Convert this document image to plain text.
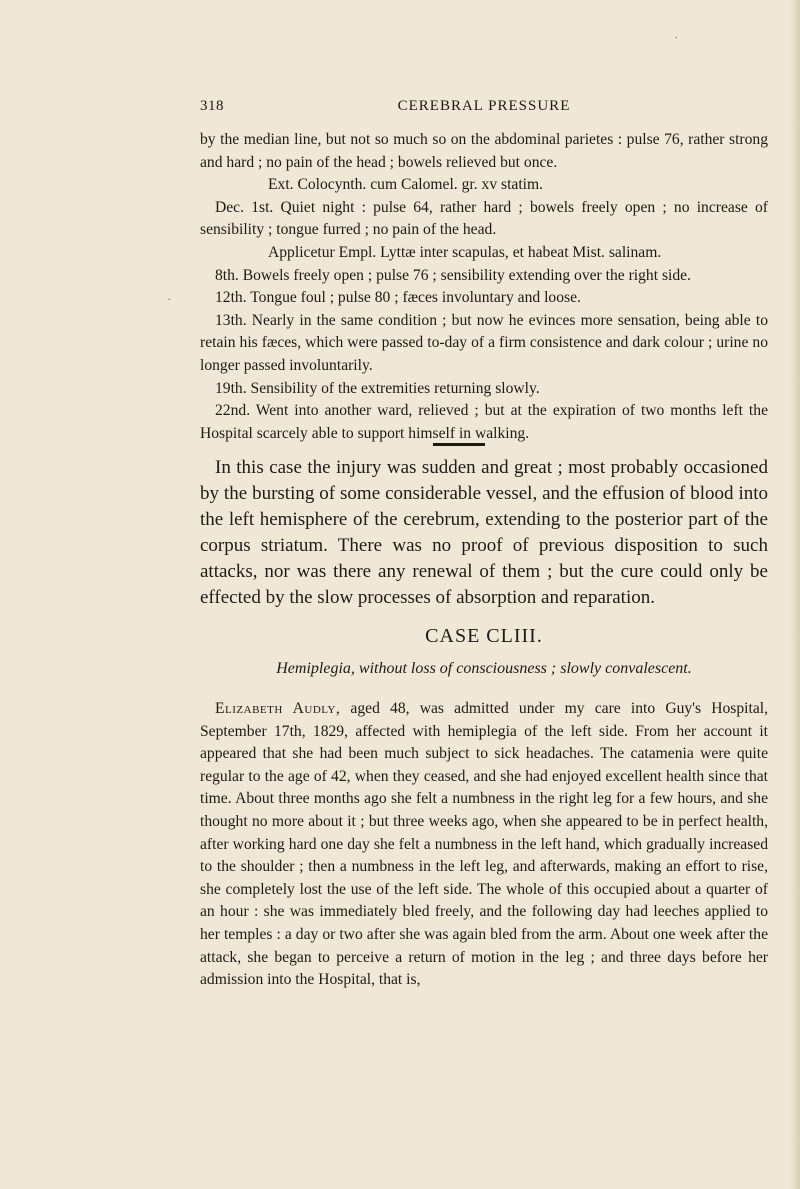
318	CEREBRAL PRESSURE

by the median line, but not so much so on the abdominal parietes : pulse 76, rather strong and hard ; no pain of the head ; bowels relieved but once.

Ext. Colocynth. cum Calomel. gr. xv statim.

Dec. 1st. Quiet night : pulse 64, rather hard ; bowels freely open ; no increase of sensibility ; tongue furred ; no pain of the head.

Applicetur Empl. Lyttæ inter scapulas, et habeat Mist. salinam.

8th. Bowels freely open ; pulse 76 ; sensibility extending over the right side.

12th. Tongue foul ; pulse 80 ; fæces involuntary and loose.

13th. Nearly in the same condition ; but now he evinces more sensation, being able to retain his fæces, which were passed to-day of a firm consistence and dark colour ; urine no longer passed involuntarily.

19th. Sensibility of the extremities returning slowly.

22nd. Went into another ward, relieved ; but at the expiration of two months left the Hospital scarcely able to support himself in walking.

In this case the injury was sudden and great ; most probably occasioned by the bursting of some considerable vessel, and the effusion of blood into the left hemisphere of the cerebrum, extending to the posterior part of the corpus striatum. There was no proof of previous disposition to such attacks, nor was there any renewal of them ; but the cure could only be effected by the slow processes of absorption and reparation.

CASE CLIII.
Hemiplegia, without loss of consciousness ; slowly convalescent.

Elizabeth Audly, aged 48, was admitted under my care into Guy's Hospital, September 17th, 1829, affected with hemiplegia of the left side. From her account it appeared that she had been much subject to sick headaches. The catamenia were quite regular to the age of 42, when they ceased, and she had enjoyed excellent health since that time. About three months ago she felt a numbness in the right leg for a few hours, and she thought no more about it ; but three weeks ago, when she appeared to be in perfect health, after working hard one day she felt a numbness in the left hand, which gradually increased to the shoulder ; then a numbness in the left leg, and afterwards, making an effort to rise, she completely lost the use of the left side. The whole of this occupied about a quarter of an hour : she was immediately bled freely, and the following day had leeches applied to her temples : a day or two after she was again bled from the arm. About one week after the attack, she began to perceive a return of motion in the leg ; and three days before her admission into the Hospital, that is,

.
.
